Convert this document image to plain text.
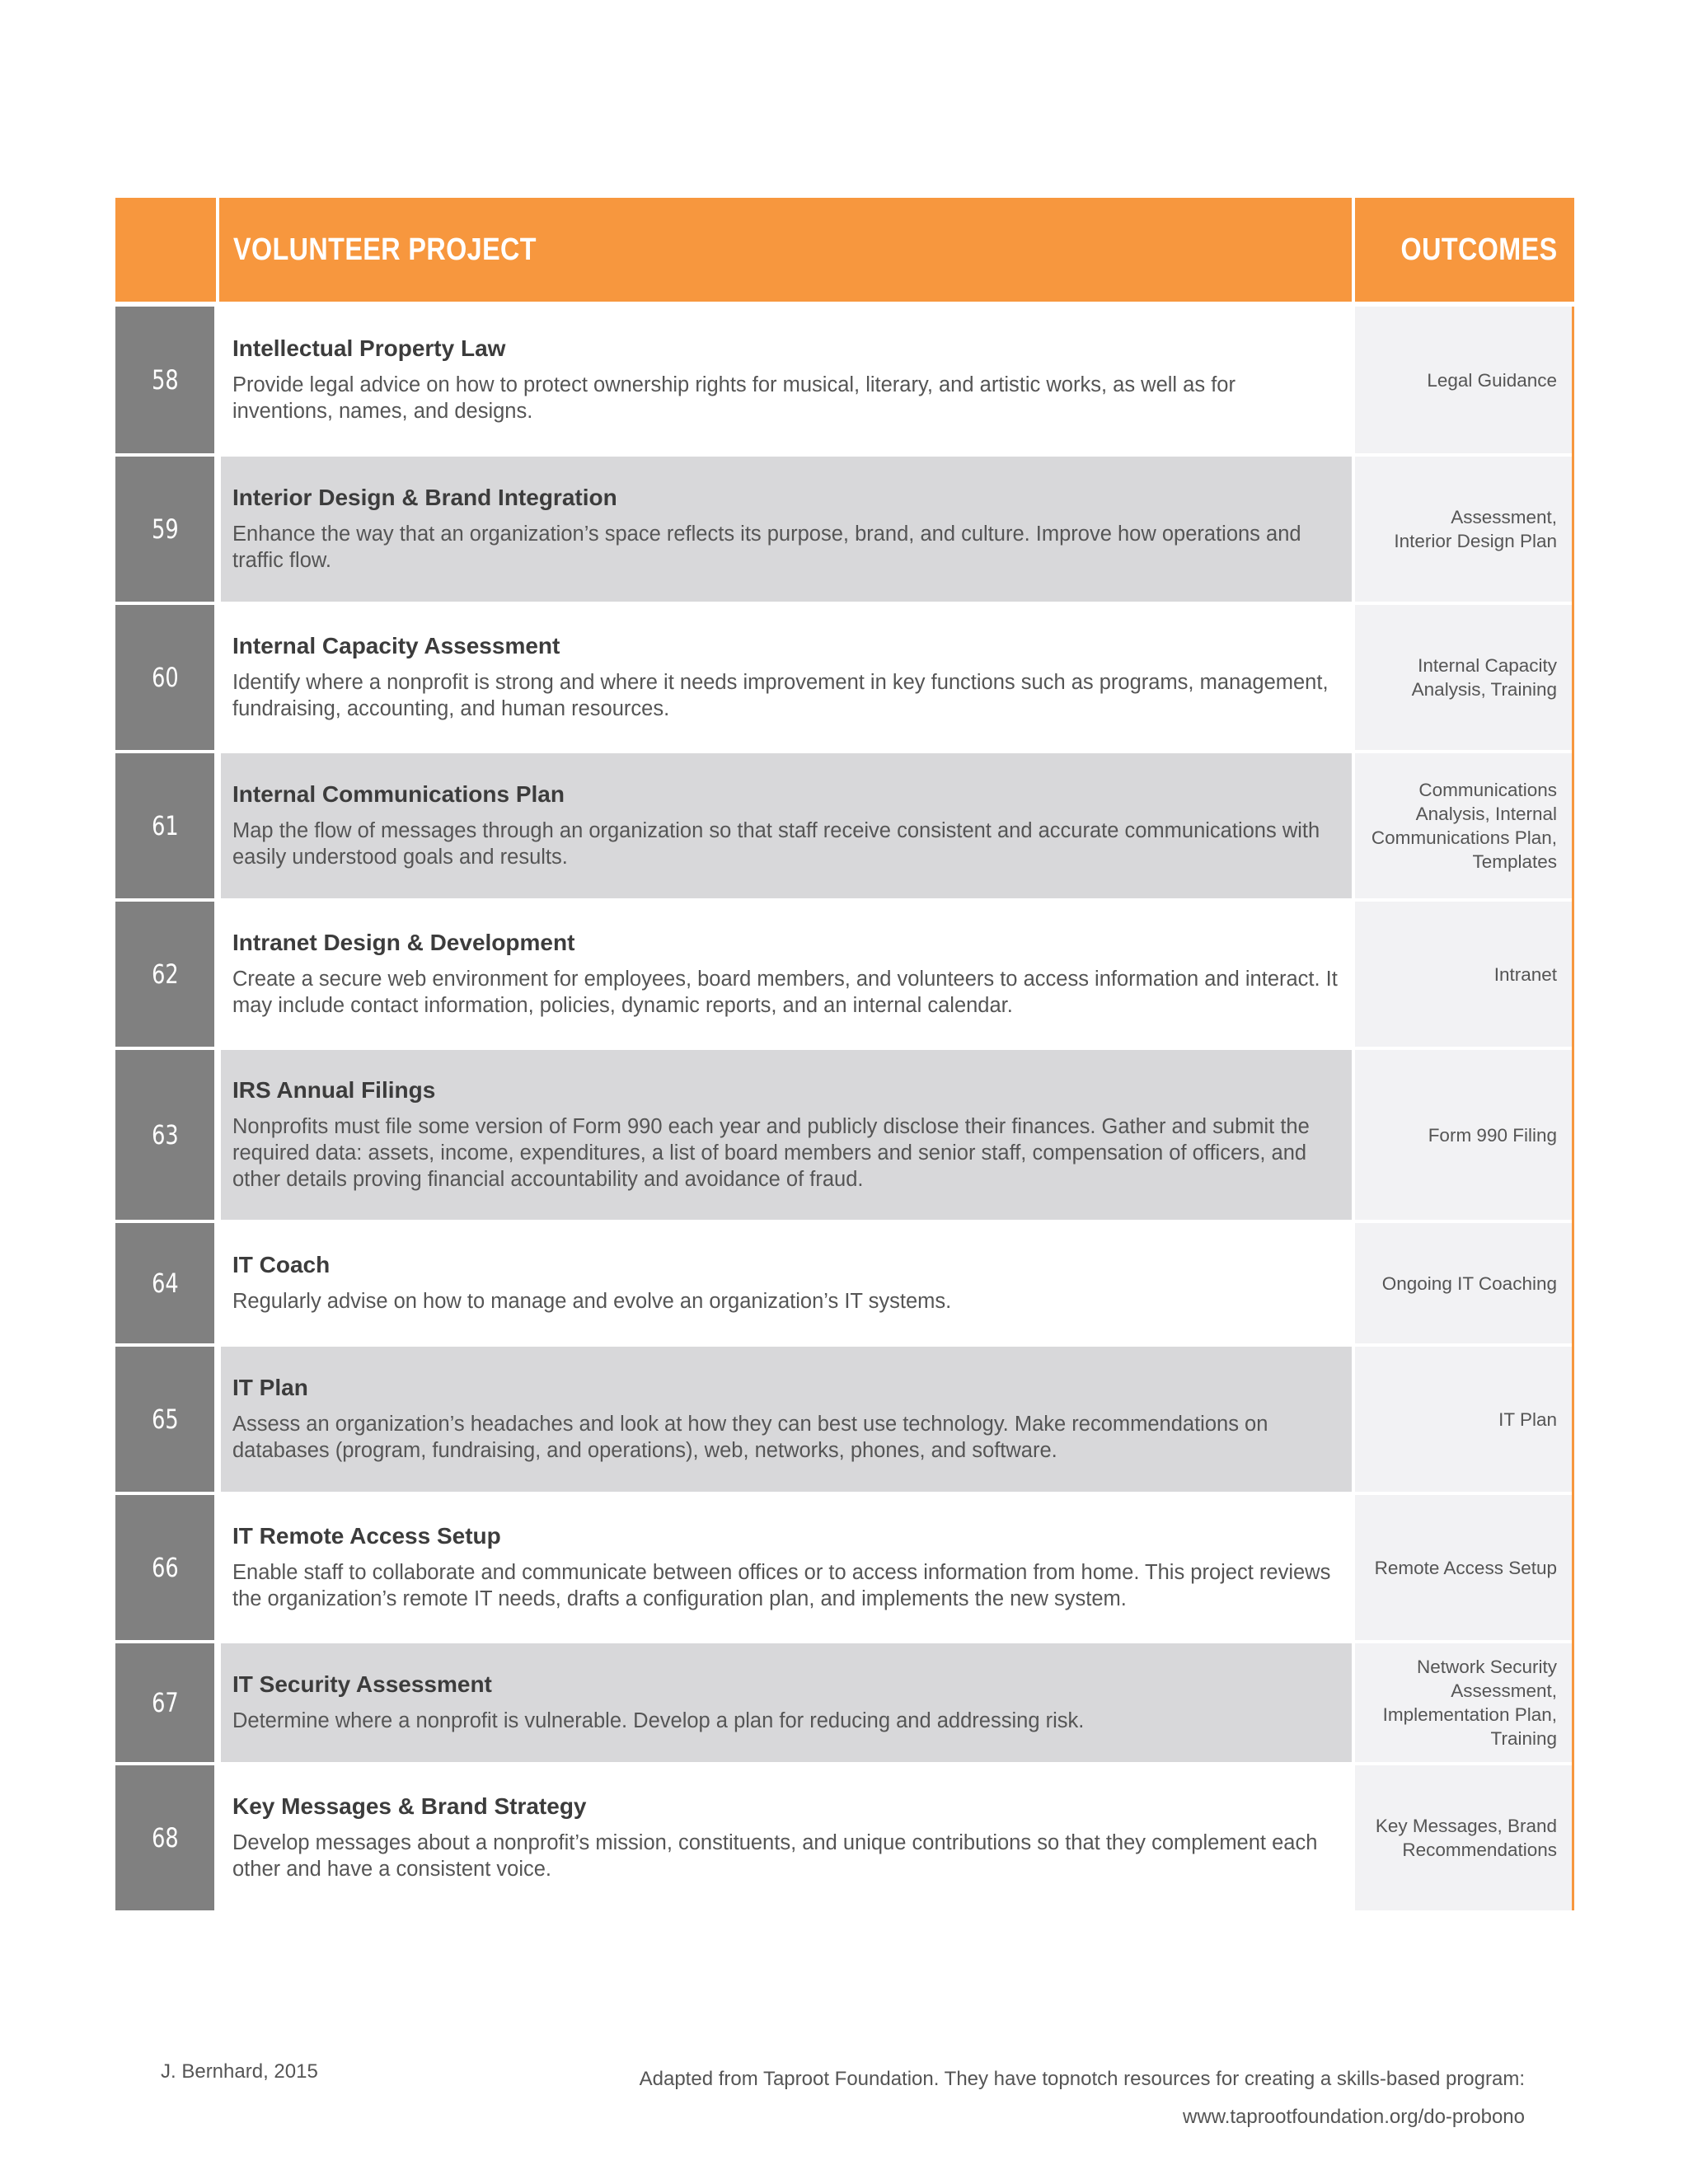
VOLUNTEER PROJECT	OUTCOMES
58
Intellectual Property Law
Provide legal advice on how to protect ownership rights for musical, literary, and artistic works, as well as for inventions, names, and designs.
Legal Guidance
59
Interior Design & Brand Integration
Enhance the way that an organization’s space reflects its purpose, brand, and culture. Improve how operations and traffic flow.
Assessment,
Interior Design Plan
60
Internal Capacity Assessment
Identify where a nonprofit is strong and where it needs improvement in key functions such as programs, management, fundraising, accounting, and human resources.
Internal Capacity
Analysis, Training
61
Internal Communications Plan
Map the flow of messages through an organization so that staff receive consistent and accurate communications with easily understood goals and results.
Communications
Analysis, Internal
Communications Plan,
Templates
62
Intranet Design & Development
Create a secure web environment for employees, board members, and volunteers to access information and interact. It may include contact information, policies, dynamic reports, and an internal calendar.
Intranet
63
IRS Annual Filings
Nonprofits must file some version of Form 990 each year and publicly disclose their finances. Gather and submit the required data: assets, income, expenditures, a list of board members and senior staff, compensation of officers, and other details proving financial accountability and avoidance of fraud.
Form 990 Filing
64
IT Coach
Regularly advise on how to manage and evolve an organization’s IT systems.
Ongoing IT Coaching
65
IT Plan
Assess an organization’s headaches and look at how they can best use technology. Make recommendations on databases (program, fundraising, and operations), web, networks, phones, and software.
IT Plan
66
IT Remote Access Setup
Enable staff to collaborate and communicate between offices or to access information from home. This project reviews the organization’s remote IT needs, drafts a configuration plan, and implements the new system.
Remote Access Setup
67
IT Security Assessment
Determine where a nonprofit is vulnerable. Develop a plan for reducing and addressing risk.
Network Security
Assessment,
Implementation Plan,
Training
68
Key Messages & Brand Strategy
Develop messages about a nonprofit’s mission, constituents, and unique contributions so that they complement each other and have a consistent voice.
Key Messages, Brand
Recommendations
J. Bernhard, 2015	Adapted from Taproot Foundation. They have topnotch resources for creating a skills-based program:
www.taprootfoundation.org/do-probono
